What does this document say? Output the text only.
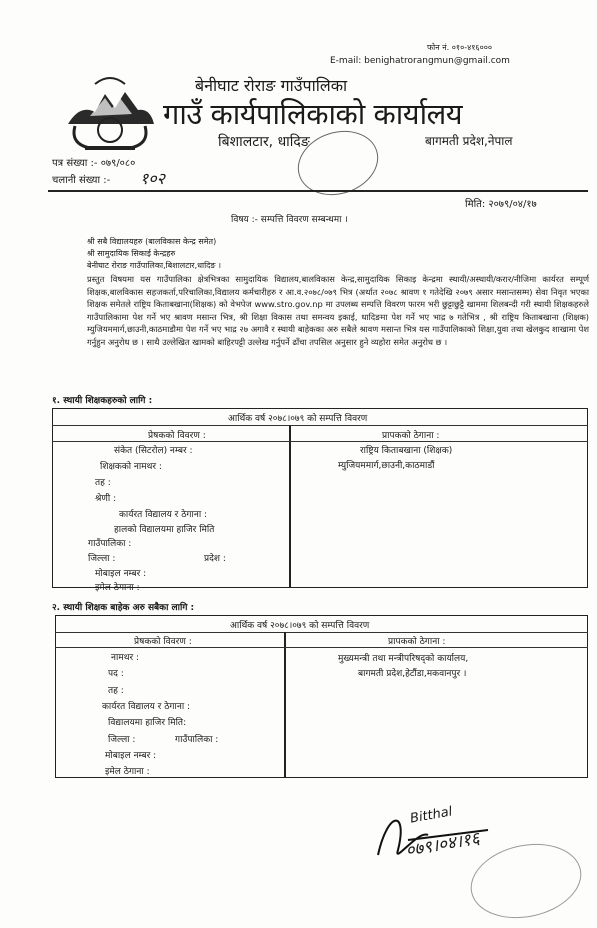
फोन नं. ०१०-४१६०००
E-mail: benighatrorangmun@gmail.com
बेनीघाट रोराङ गाउँपालिका
गाउँ कार्यपालिकाको कार्यालय
बिशालटार, धादिङ	बागमती प्रदेश,नेपाल
पत्र संख्या :- ०७९/०८०
चलानी संख्या :- १०२
मिति: २०७९/०४/१७
विषय :- सम्पत्ति विवरण सम्बन्धमा ।
श्री सबै विद्यालयहरु (बालविकास केन्द्र समेत)
श्री सामुदायिक सिकाई केन्द्रहरु
बेनीघाट रोराङ गाउँपालिका,बिशालटार,धादिङ ।
प्रस्तुत विषयमा यस गाउँपालिका क्षेत्रभित्रका सामुदायिक विद्यालय,बालविकास केन्द्र,सामुदायिक सिकाइ केन्द्रमा स्थायी/अस्थायी/करार/नीजिमा कार्यरत सम्पूर्ण शिक्षक,बालविकास सहजकर्ता,परिचालिका,विद्यालय कर्मचारीहरु र आ.व.२०७८/०७९ भित्र (अर्थात २०७८ श्रावण १ गतेदेखि २०७९ असार मसान्तसम्म) सेवा निवृत भएका शिक्षक समेतले राष्ट्रिय किताबखाना(शिक्षक) को वेभपेज www.stro.gov.np मा उपलब्ध सम्पत्ति विवरण फारम भरी छुट्टाछुट्टै खाममा शिलबन्दी गरी स्थायी शिक्षकहरुले गाउँपालिकामा पेश गर्ने भए श्रावण मसान्त भित्र, श्री शिक्षा विकास तथा समन्वय इकाई, धादिङमा पेश गर्ने भए भाद्र ७ गतेभित्र , श्री राष्ट्रिय किताबखाना (शिक्षक) म्युजियममार्ग,छाउनी,काठमाडौमा पेश गर्ने भए भाद्र २७ अगावै र स्थायी बाहेकका अरु सबैले श्रावण मसान्त भित्र यस गाउँपालिकाको शिक्षा,युवा तथा खेलकुद शाखामा पेश गर्नुहुन अनुरोध छ । साथै उल्लेखित खामको बाहिरपट्टी उल्लेख गर्नुपर्ने ढाँचा तपसिल अनुसार हुने व्यहोरा समेत अनुरोध छ ।
१. स्थायी शिक्षकहरुको लागि :
आर्थिक वर्ष २०७८।०७९ को सम्पत्ति विवरण
प्रेषकको विवरण :	प्रापकको ठेगाना :
संकेत (सिटरोल) नम्बर :
शिक्षकको नामथर :
तह :
श्रेणी :
कार्यरत विद्यालय र ठेगाना :
हालको विद्यालयमा हाजिर मिति
गाउँपालिका :
जिल्ला :	प्रदेश :
मोबाइल नम्बर :
इमेल ठेगाना :
राष्ट्रिय किताबखाना (शिक्षक)
म्युजियममार्ग,छाउनी,काठमाडौं
२. स्थायी शिक्षक बाहेक अरु सबैका लागि :
आर्थिक वर्ष २०७८।०७९ को सम्पत्ति विवरण
प्रेषकको विवरण :	प्रापकको ठेगाना :
नामथर :
पद :
तह :
कार्यरत विद्यालय र ठेगाना :
विद्यालयमा हाजिर मिति:
जिल्ला :	गाउँपालिका :
मोबाइल नम्बर :
इमेल ठेगाना :
मुख्यमन्त्री तथा मन्त्रीपरिषद्को कार्यालय,
बागमती प्रदेश,हेटौंडा,मकवानपुर ।
Bitthal
०७९।०४।१६
